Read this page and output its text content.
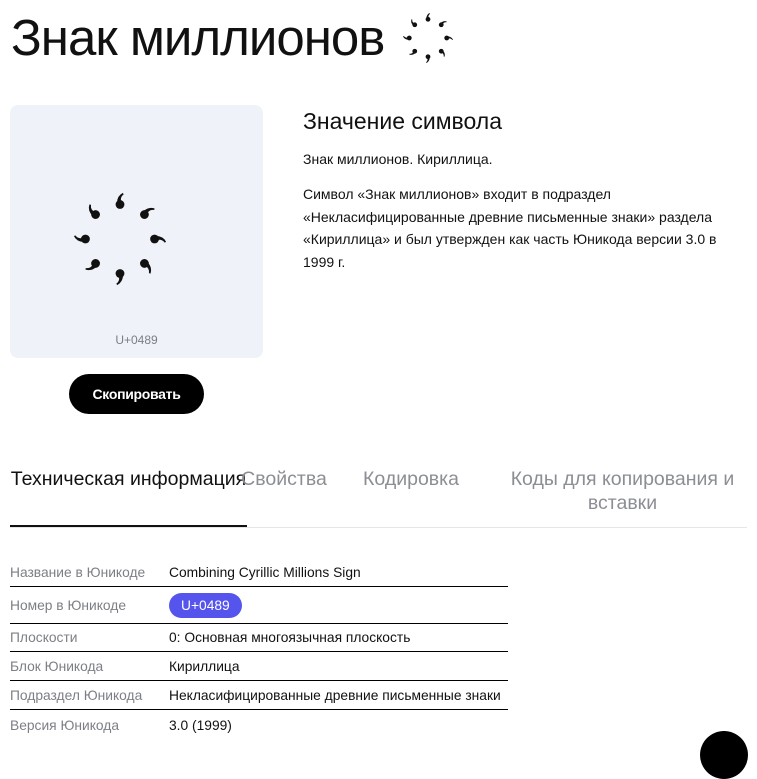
Знак миллионов
U+0489
Скопировать
Значение символа

Знак миллионов. Кириллица.

Символ «Знак миллионов» входит в подраздел «Некласифицированные древние письменные знаки» раздела «Кириллица» и был утвержден как часть Юникода версии 3.0 в 1999 г.

Техническая информация
Свойства	Кодировка	Коды для копирования и вставки
Название в Юникоде	Combining Cyrillic Millions Sign
Номер в Юникоде	U+0489
Плоскости	0: Основная многоязычная плоскость
Блок Юникода	Кириллица
Подраздел Юникода	Некласифицированные древние письменные знаки
Версия Юникода	3.0 (1999)
